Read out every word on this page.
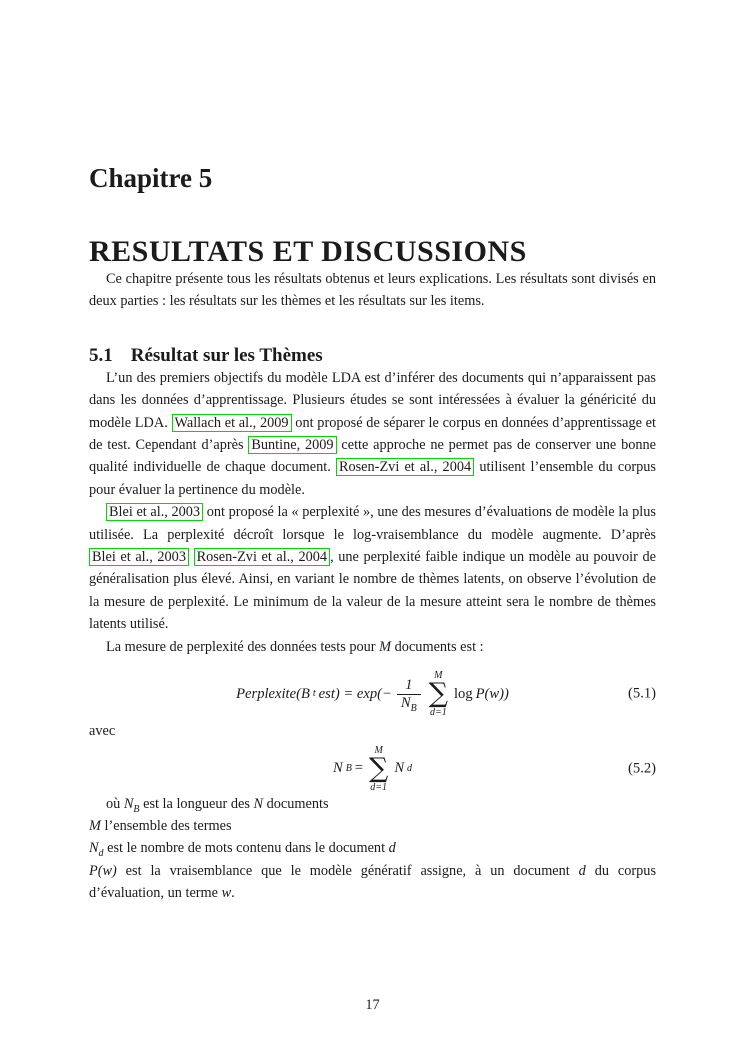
Chapitre 5
RESULTATS ET DISCUSSIONS

Ce chapitre présente tous les résultats obtenus et leurs explications. Les résultats sont divisés en deux parties : les résultats sur les thèmes et les résultats sur les items.

5.1 Résultat sur les Thèmes

L’un des premiers objectifs du modèle LDA est d’inférer des documents qui n’apparaissent pas dans les données d’apprentissage. Plusieurs études se sont intéressées à évaluer la généricité du modèle LDA. Wallach et al., 2009 ont proposé de séparer le corpus en données d’apprentissage et de test. Cependant d’après Buntine, 2009 cette approche ne permet pas de conserver une bonne qualité individuelle de chaque document. Rosen-Zvi et al., 2004 utilisent l’ensemble du corpus pour évaluer la pertinence du modèle.

Blei et al., 2003 ont proposé la « perplexité », une des mesures d’évaluations de modèle la plus utilisée. La perplexité décroît lorsque le log-vraisemblance du modèle augmente. D’après Blei et al., 2003 Rosen-Zvi et al., 2004 , une perplexité faible indique un modèle au pouvoir de généralisation plus élevé. Ainsi, en variant le nombre de thèmes latents, on observe l’évolution de la mesure de perplexité. Le minimum de la valeur de la mesure atteint sera le nombre de thèmes latents utilisé.

La mesure de perplexité des données tests pour M documents est :

Perplexite(B t $est) = \exp(- \frac{1}{N_B}$
M
∑
d=1
log P(w))	(5.1)

avec

N B =
M
∑
d=1
N d	(5.2)

où $N_B$ est la longueur des N documents

M l’ensemble des termes

$N_d$ est le nombre de mots contenu dans le document d

P(w) est la vraisemblance que le modèle génératif assigne, à un document d du corpus d’évaluation, un terme w.

17
